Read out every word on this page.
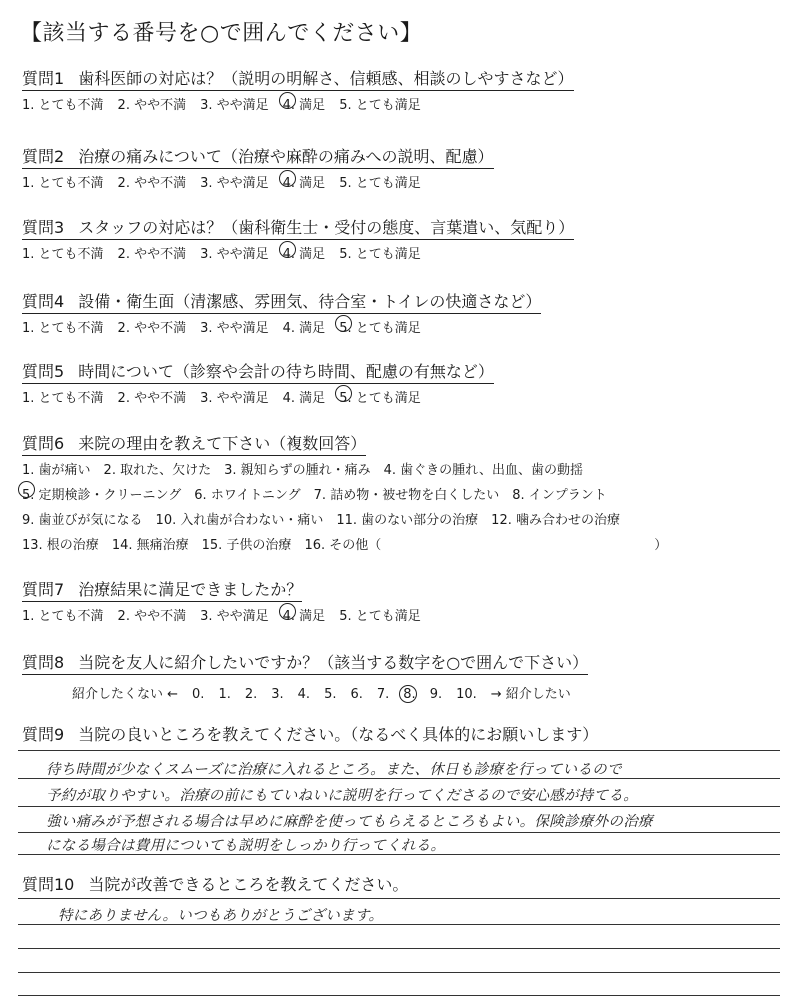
【該当する番号を○で囲んでください】
質問1 歯科医師の対応は？（説明の明解さ、信頼感、相談のしやすさなど）
1. とても不満 2. やや不満 3. やや満足 4. 満足 5. とても満足
質問2 治療の痛みについて（治療や麻酔の痛みへの説明、配慮）
1. とても不満 2. やや不満 3. やや満足 4. 満足 5. とても満足
質問3 スタッフの対応は？（歯科衛生士・受付の態度、言葉遣い、気配り）
1. とても不満 2. やや不満 3. やや満足 4. 満足 5. とても満足
質問4 設備・衛生面（清潔感、雰囲気、待合室・トイレの快適さなど）
1. とても不満 2. やや不満 3. やや満足 4. 満足 5. とても満足
質問5 時間について（診察や会計の待ち時間、配慮の有無など）
1. とても不満 2. やや不満 3. やや満足 4. 満足 5. とても満足
質問6 来院の理由を教えて下さい（複数回答）
1. 歯が痛い 2. 取れた、欠けた 3. 親知らずの腫れ・痛み 4. 歯ぐきの腫れ、出血、歯の動揺
5. 定期検診・クリーニング 6. ホワイトニング 7. 詰め物・被せ物を白くしたい 8. インプラント
9. 歯並びが気になる 10. 入れ歯が合わない・痛い 11. 歯のない部分の治療 12. 噛み合わせの治療
13. 根の治療 14. 無痛治療 15. 子供の治療 16. その他（　　　　　　　　　　　　　　　　　　　　　）
質問7 治療結果に満足できましたか？
1. とても不満 2. やや不満 3. やや満足 4. 満足 5. とても満足
質問8 当院を友人に紹介したいですか？（該当する数字を○で囲んで下さい）
紹介したくない ← 0. 1. 2. 3. 4. 5. 6. 7. 8. 9. 10. → 紹介したい
質問9 当院の良いところを教えてください。（なるべく具体的にお願いします）
待ち時間が少なくスムーズに治療に入れるところ。また、休日も診療を行っているので
予約が取りやすい。治療の前にもていねいに説明を行ってくださるので安心感が持てる。
強い痛みが予想される場合は早めに麻酔を使ってもらえるところもよい。保険診療外の治療
になる場合は費用についても説明をしっかり行ってくれる。
質問10 当院が改善できるところを教えてください。
特にありません。いつもありがとうございます。
